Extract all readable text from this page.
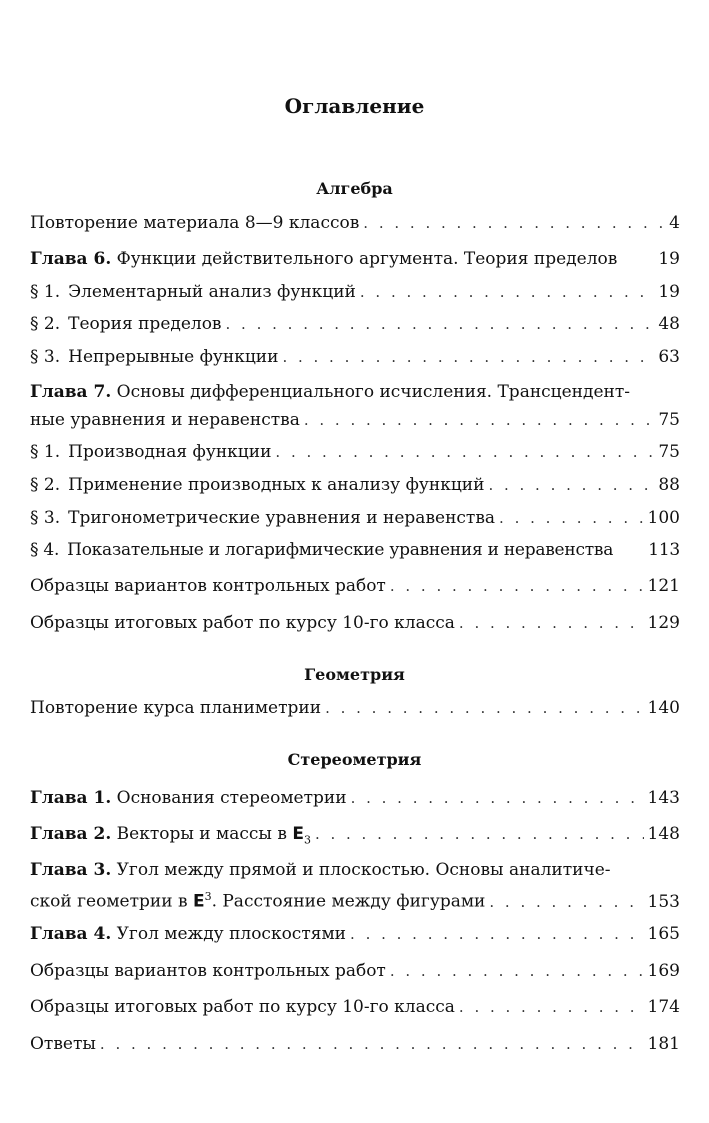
Оглавление
Алгебра
Повторение материала 8—9 классов . . .	4
Глава 6. Функции действительного аргумента. Теория пределов	19
§ 1. Элементарный анализ функций . . .	19
§ 2. Теория пределов . . .	48
§ 3. Непрерывные функции . . .	63
Глава 7. Основы дифференциального исчисления. Трансцендент-
ные уравнения и неравенства . . .	75
§ 1. Производная функции . . .	75
§ 2. Применение производных к анализу функций . . .	88
§ 3. Тригонометрические уравнения и неравенства . . .	100
§ 4. Показательные и логарифмические уравнения и неравенства	113
Образцы вариантов контрольных работ . . .	121
Образцы итоговых работ по курсу 10-го класса . . .	129
Геометрия
Повторение курса планиметрии . . .	140
Стереометрия
Глава 1. Основания стереометрии . . .	143
Глава 2. Векторы и массы в $E_3$ . . .	148
Глава 3. Угол между прямой и плоскостью. Основы аналитиче-
ской геометрии в $E^3$. Расстояние между фигурами . . .	153
Глава 4. Угол между плоскостями . . .	165
Образцы вариантов контрольных работ . . .	169
Образцы итоговых работ по курсу 10-го класса . . .	174
Ответы . . .	181
